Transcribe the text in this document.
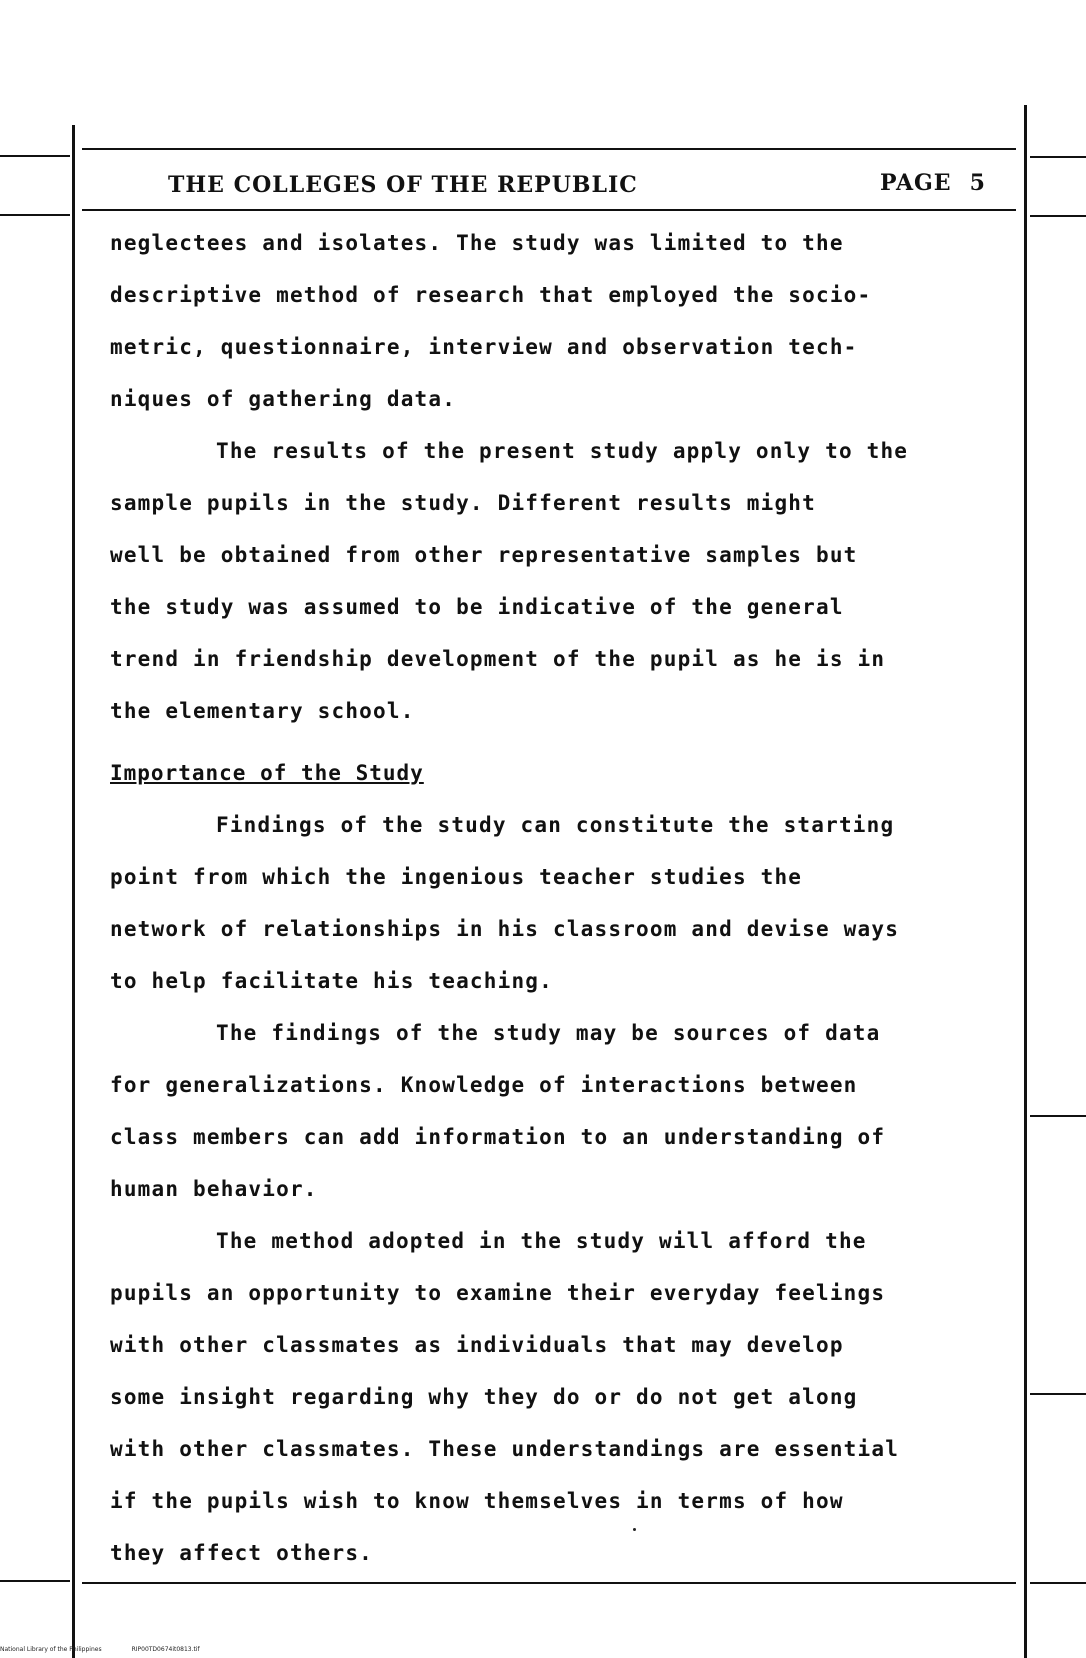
THE COLLEGES OF THE REPUBLIC	PAGE 5
neglectees and isolates. The study was limited to the
descriptive method of research that employed the socio-
metric, questionnaire, interview and observation tech-
niques of gathering data.
The results of the present study apply only to the
sample pupils in the study. Different results might
well be obtained from other representative samples but
the study was assumed to be indicative of the general
trend in friendship development of the pupil as he is in
the elementary school.
Importance of the Study
Findings of the study can constitute the starting
point from which the ingenious teacher studies the
network of relationships in his classroom and devise ways
to help facilitate his teaching.
The findings of the study may be sources of data
for generalizations. Knowledge of interactions between
class members can add information to an understanding of
human behavior.
The method adopted in the study will afford the
pupils an opportunity to examine their everyday feelings
with other classmates as individuals that may develop
some insight regarding why they do or do not get along
with other classmates. These understandings are essential
if the pupils wish to know themselves in terms of how
they affect others.
National Library of the Philippines	RIP00TD0674it0813.tif
